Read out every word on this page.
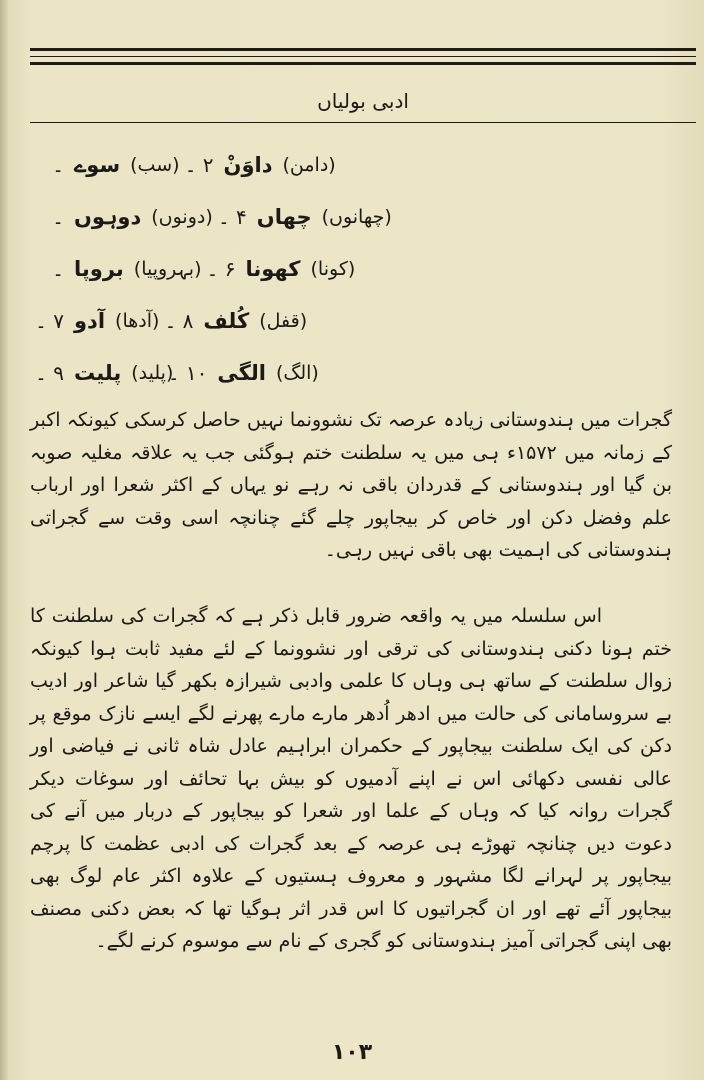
ادبی بولیاں
۔ سوے (سب) ۲ ۔ داوَنْ (دامن)
۔ دوہوں (دونوں) ۴ ۔ چھاں (چھانوں)
۔ بروپا (بہروپیا) ۶ ۔ کھونا (کونا)
۷ ۔ آدو (آدھا) ۸ ۔ کُلف (قفل)
۹ ۔ پلیت (پلید)
۱۰ ۔ الگی (الگ)

گجرات میں ہندوستانی زیادہ عرصہ تک نشوونما نہیں حاصل کرسکی کیونکہ اکبر کے زمانہ میں ۱۵۷۲ء ہی میں یہ سلطنت ختم ہوگئی جب یہ علاقہ مغلیہ صوبہ بن گیا اور ہندوستانی کے قدردان باقی نہ رہے نو یہاں کے اکثر شعرا اور ارباب علم وفضل دکن اور خاص کر بیجاپور چلے گئے چنانچہ اسی وقت سے گجراتی ہندوستانی کی اہمیت بھی باقی نہیں رہی۔

اس سلسلہ میں یہ واقعہ ضرور قابل ذکر ہے کہ گجرات کی سلطنت کا ختم ہونا دکنی ہندوستانی کی ترقی اور نشوونما کے لئے مفید ثابت ہوا کیونکہ زوال سلطنت کے ساتھ ہی وہاں کا علمی وادبی شیرازہ بکھر گیا شاعر اور ادیب بے سروسامانی کی حالت میں ادھر اُدھر مارے مارے پھرنے لگے ایسے نازک موقع پر دکن کی ایک سلطنت بیجاپور کے حکمران ابراہیم عادل شاہ ثانی نے فیاضی اور عالی نفسی دکھائی اس نے اپنے آدمیوں کو بیش بہا تحائف اور سوغات دیکر گجرات روانہ کیا کہ وہاں کے علما اور شعرا کو بیجاپور کے دربار میں آنے کی دعوت دیں چنانچہ تھوڑے ہی عرصہ کے بعد گجرات کی ادبی عظمت کا پرچم بیجاپور پر لہرانے لگا مشہور و معروف ہستیوں کے علاوہ اکثر عام لوگ بھی بیجاپور آئے تھے اور ان گجراتیوں کا اس قدر اثر ہوگیا تھا کہ بعض دکنی مصنف بھی اپنی گجراتی آمیز ہندوستانی کو گجری کے نام سے موسوم کرنے لگے۔

۱۰۳
